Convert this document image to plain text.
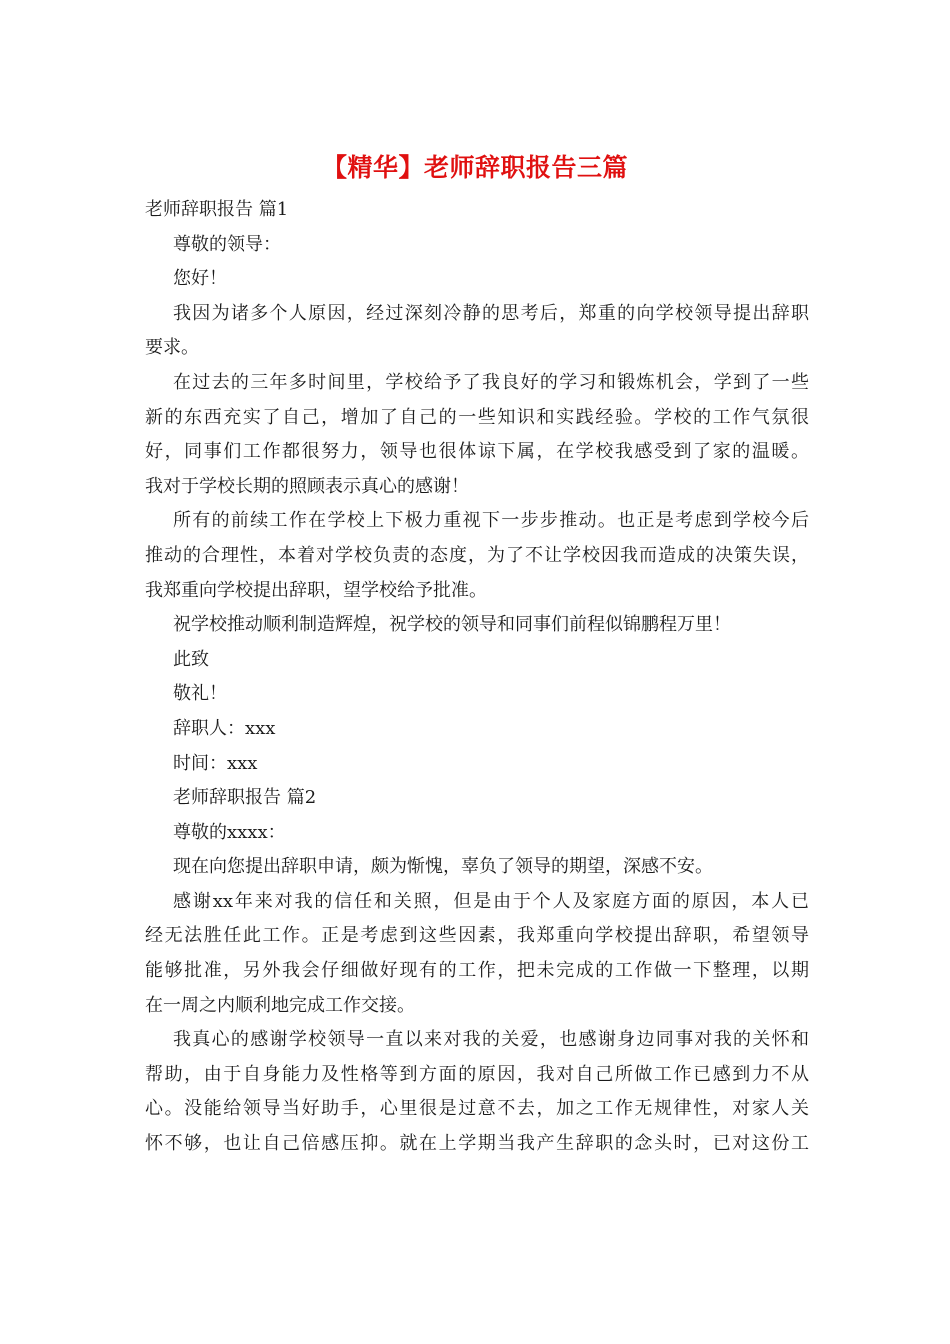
【精华】老师辞职报告三篇

老师辞职报告 篇1

尊敬的领导：

您好！

我因为诸多个人原因，经过深刻冷静的思考后，郑重的向学校领导提出辞职

要求。

在过去的三年多时间里，学校给予了我良好的学习和锻炼机会，学到了一些

新的东西充实了自己，增加了自己的一些知识和实践经验。学校的工作气氛很

好，同事们工作都很努力，领导也很体谅下属，在学校我感受到了家的温暖。

我对于学校长期的照顾表示真心的感谢！

所有的前续工作在学校上下极力重视下一步步推动。也正是考虑到学校今后

推动的合理性，本着对学校负责的态度，为了不让学校因我而造成的决策失误，

我郑重向学校提出辞职，望学校给予批准。

祝学校推动顺利制造辉煌，祝学校的领导和同事们前程似锦鹏程万里！

此致

敬礼！

辞职人：xxx

时间：xxx

老师辞职报告 篇2

尊敬的xxxx：

现在向您提出辞职申请，颇为惭愧，辜负了领导的期望，深感不安。

感谢xx年来对我的信任和关照，但是由于个人及家庭方面的原因，本人已

经无法胜任此工作。正是考虑到这些因素，我郑重向学校提出辞职，希望领导

能够批准，另外我会仔细做好现有的工作，把未完成的工作做一下整理，以期

在一周之内顺利地完成工作交接。

我真心的感谢学校领导一直以来对我的关爱，也感谢身边同事对我的关怀和

帮助，由于自身能力及性格等到方面的原因，我对自己所做工作已感到力不从

心。没能给领导当好助手，心里很是过意不去，加之工作无规律性，对家人关

怀不够，也让自己倍感压抑。就在上学期当我产生辞职的念头时，已对这份工
